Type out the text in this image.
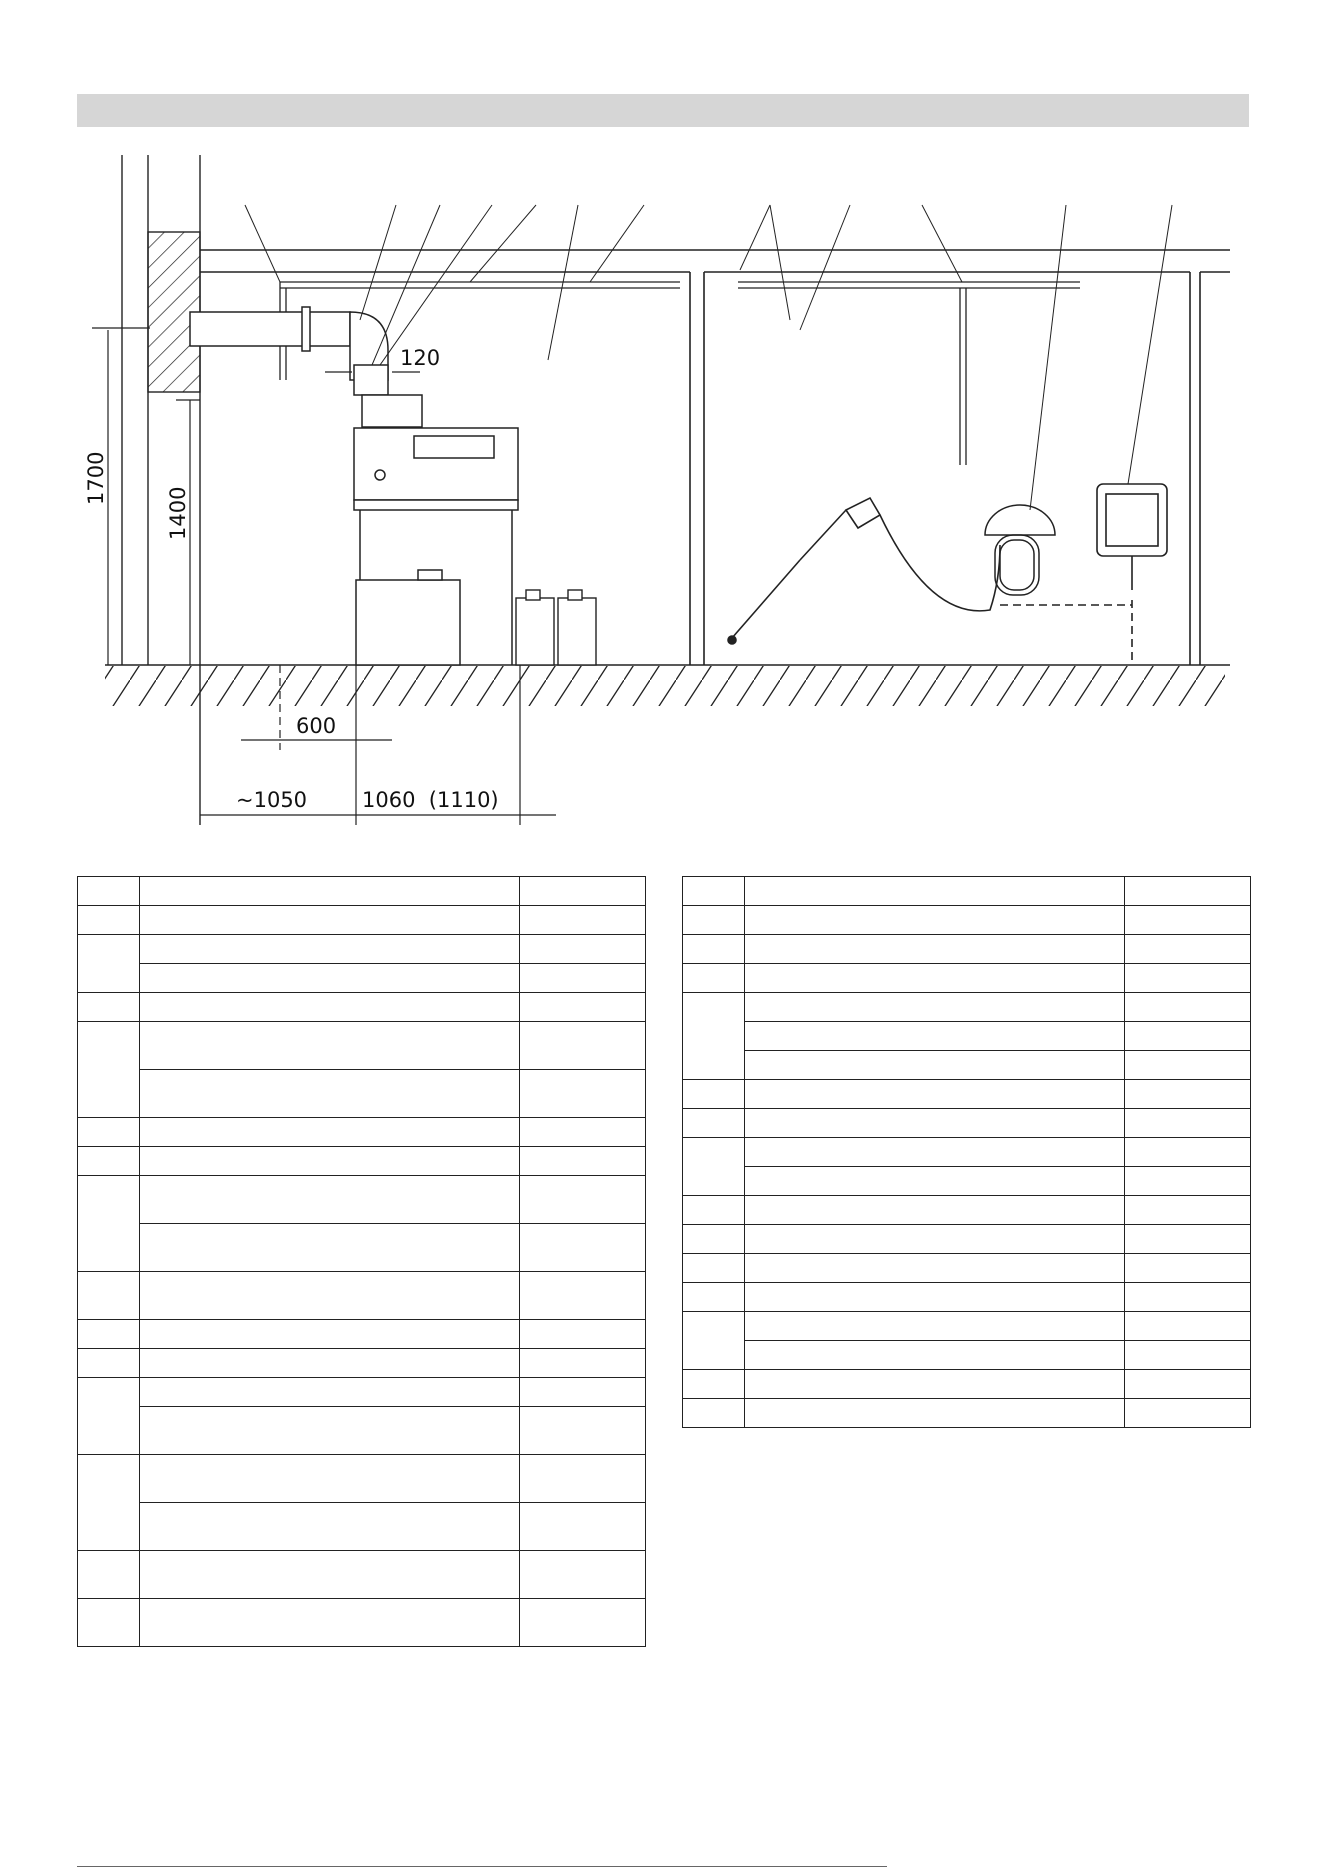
1700
1400
120
600
~1050	1060  (1110)
